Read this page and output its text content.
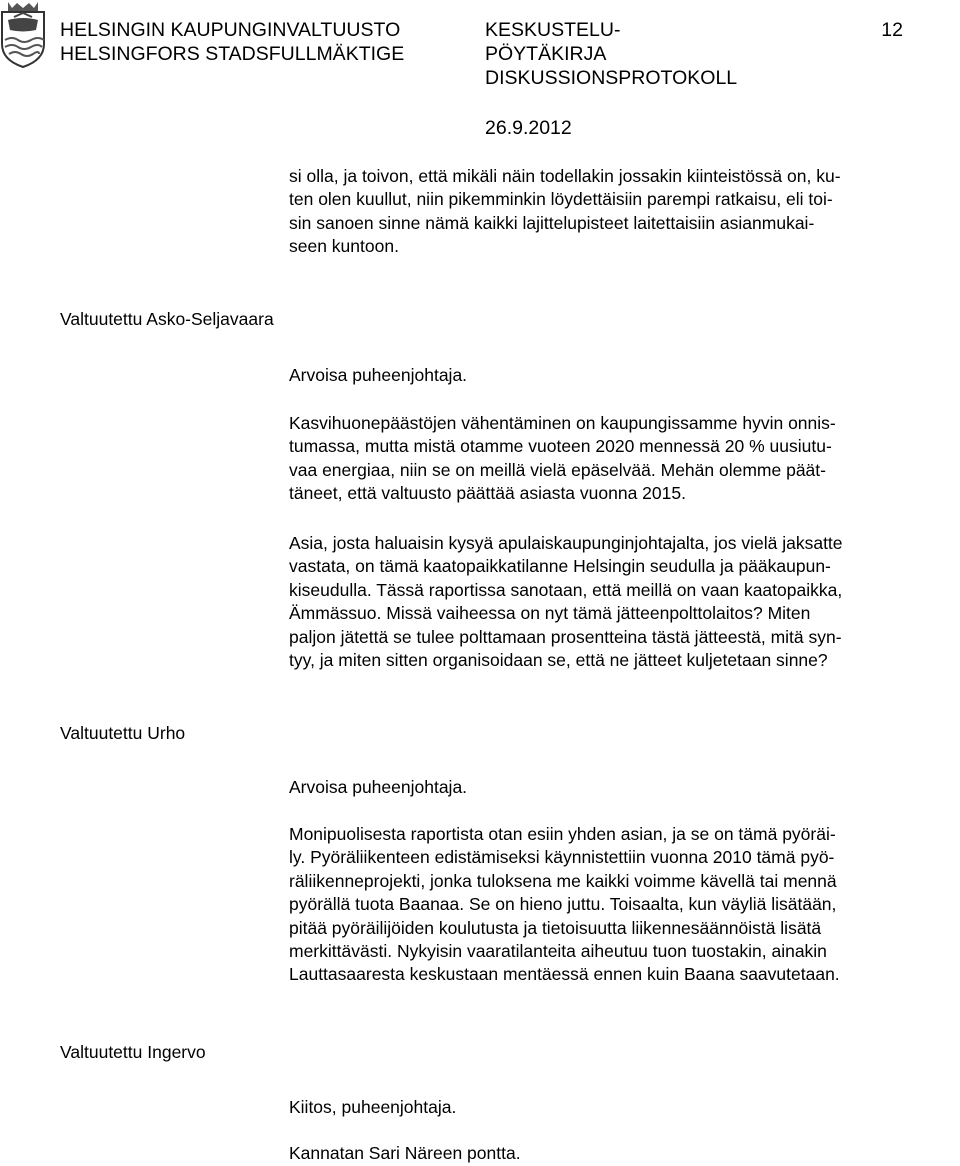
HELSINGIN KAUPUNGINVALTUUSTO
HELSINGFORS STADSFULLMÄKTIGE
KESKUSTELU-
PÖYTÄKIRJA
DISKUSSIONSPROTOKOLL
26.9.2012
12
si olla, ja toivon, että mikäli näin todellakin jossakin kiinteistössä on, ku-
ten olen kuullut, niin pikemminkin löydettäisiin parempi ratkaisu, eli toi-
sin sanoen sinne nämä kaikki lajittelupisteet laitettaisiin asianmukai-
seen kuntoon.
Valtuutettu Asko-Seljavaara
Arvoisa puheenjohtaja.
Kasvihuonepäästöjen vähentäminen on kaupungissamme hyvin onnis-
tumassa, mutta mistä otamme vuoteen 2020 mennessä 20 % uusiutu-
vaa energiaa, niin se on meillä vielä epäselvää. Mehän olemme päät-
täneet, että valtuusto päättää asiasta vuonna 2015.
Asia, josta haluaisin kysyä apulaiskaupunginjohtajalta, jos vielä jaksatte
vastata, on tämä kaatopaikkatilanne Helsingin seudulla ja pääkaupun-
kiseudulla. Tässä raportissa sanotaan, että meillä on vaan kaatopaikka,
Ämmässuo. Missä vaiheessa on nyt tämä jätteenpolttolaitos? Miten
paljon jätettä se tulee polttamaan prosentteina tästä jätteestä, mitä syn-
tyy, ja miten sitten organisoidaan se, että ne jätteet kuljetetaan sinne?
Valtuutettu Urho
Arvoisa puheenjohtaja.
Monipuolisesta raportista otan esiin yhden asian, ja se on tämä pyöräi-
ly. Pyöräliikenteen edistämiseksi käynnistettiin vuonna 2010 tämä pyö-
räliikenneprojekti, jonka tuloksena me kaikki voimme kävellä tai mennä
pyörällä tuota Baanaa. Se on hieno juttu. Toisaalta, kun väyliä lisätään,
pitää pyöräilijöiden koulutusta ja tietoisuutta liikennesäännöistä lisätä
merkittävästi. Nykyisin vaaratilanteita aiheutuu tuon tuostakin, ainakin
Lauttasaaresta keskustaan mentäessä ennen kuin Baana saavutetaan.
Valtuutettu Ingervo
Kiitos, puheenjohtaja.
Kannatan Sari Näreen pontta.
